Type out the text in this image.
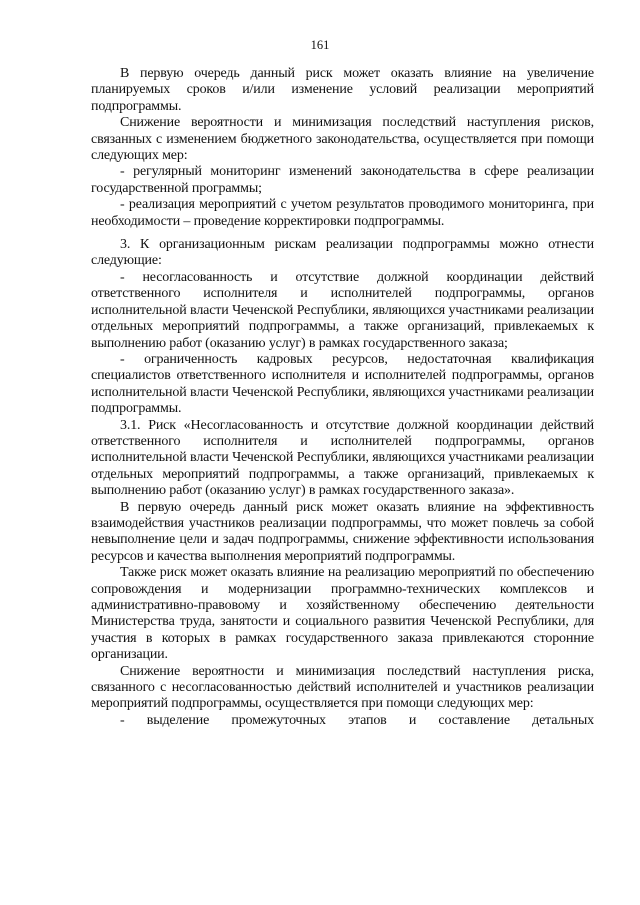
161

В первую очередь данный риск может оказать влияние на увеличение планируемых сроков и/или изменение условий реализации мероприятий подпрограммы.

Снижение вероятности и минимизация последствий наступления рисков, связанных с изменением бюджетного законодательства, осуществляется при помощи следующих мер:

- регулярный мониторинг изменений законодательства в сфере реализации государственной программы;

- реализация мероприятий с учетом результатов проводимого мониторинга, при необходимости – проведение корректировки подпрограммы.

3. К организационным рискам реализации подпрограммы можно отнести следующие:

- несогласованность и отсутствие должной координации действий ответственного исполнителя и исполнителей подпрограммы, органов исполнительной власти Чеченской Республики, являющихся участниками реализации отдельных мероприятий подпрограммы, а также организаций, привлекаемых к выполнению работ (оказанию услуг) в рамках государственного заказа;

- ограниченность кадровых ресурсов, недостаточная квалификация специалистов ответственного исполнителя и исполнителей подпрограммы, органов исполнительной власти Чеченской Республики, являющихся участниками реализации подпрограммы.

3.1. Риск «Несогласованность и отсутствие должной координации действий ответственного исполнителя и исполнителей подпрограммы, органов исполнительной власти Чеченской Республики, являющихся участниками реализации отдельных мероприятий подпрограммы, а также организаций, привлекаемых к выполнению работ (оказанию услуг) в рамках государственного заказа».

В первую очередь данный риск может оказать влияние на эффективность взаимодействия участников реализации подпрограммы, что может повлечь за собой невыполнение цели и задач подпрограммы, снижение эффективности использования ресурсов и качества выполнения мероприятий подпрограммы.

Также риск может оказать влияние на реализацию мероприятий по обеспечению сопровождения и модернизации программно-технических комплексов и административно-правовому и хозяйственному обеспечению деятельности Министерства труда, занятости и социального развития Чеченской Республики, для участия в которых в рамках государственного заказа привлекаются сторонние организации.

Снижение вероятности и минимизация последствий наступления риска, связанного с несогласованностью действий исполнителей и участников реализации мероприятий подпрограммы, осуществляется при помощи следующих мер:

- выделение промежуточных этапов и составление детальных
